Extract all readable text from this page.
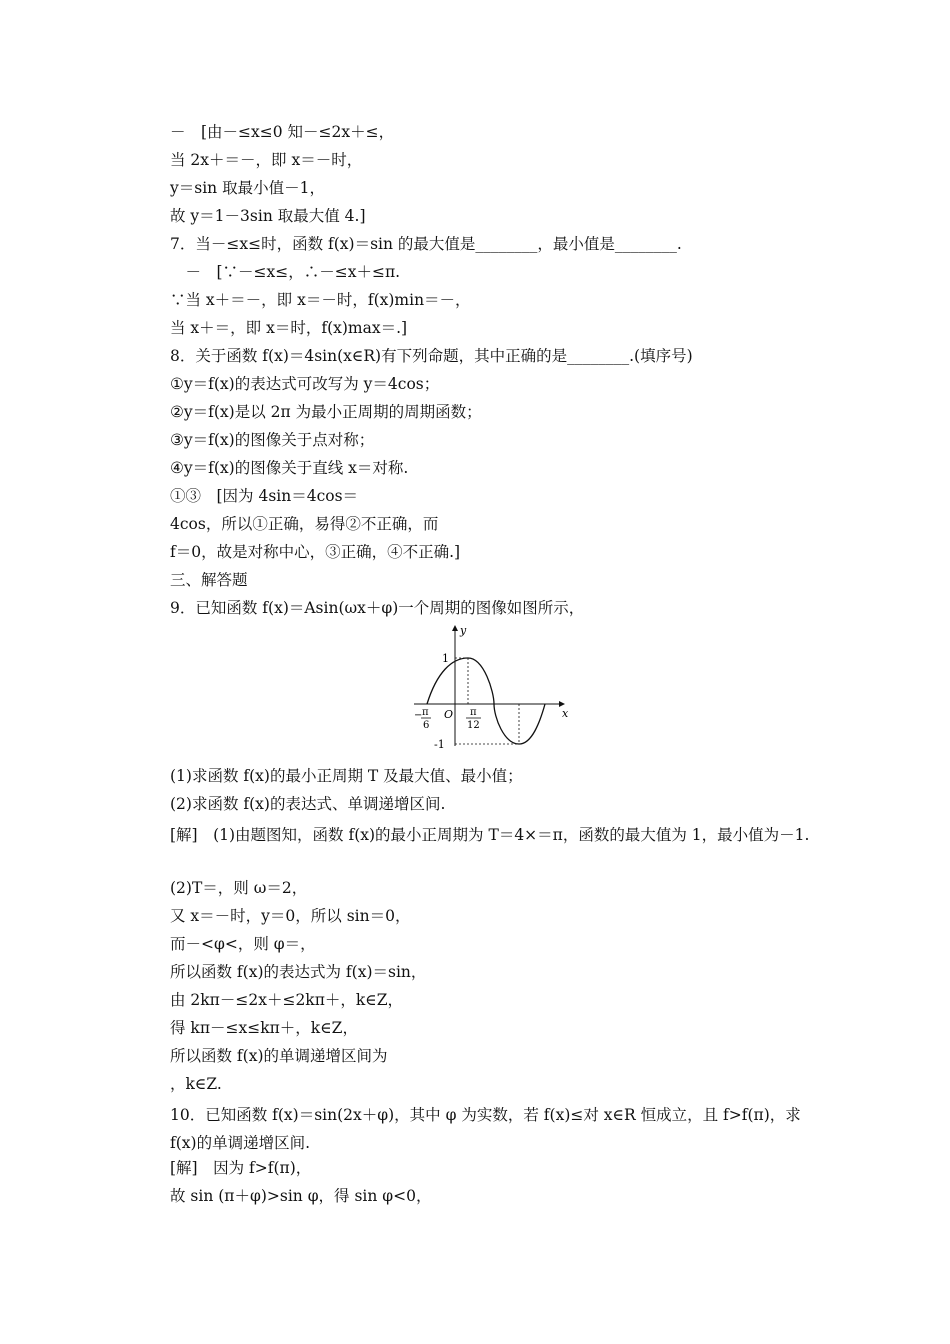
－　[由－≤x≤0 知－≤2x＋≤，
当 2x＋＝－，即 x＝－时，
y＝sin 取最小值－1，
故 y＝1－3sin 取最大值 4.]
7．当－≤x≤时，函数 f(x)＝sin 的最大值是________，最小值是________.
　－　[∵－≤x≤，∴－≤x＋≤π.
∵当 x＋＝－，即 x＝－时，f(x)min＝－，
当 x＋＝，即 x＝时，f(x)max＝.]
8．关于函数 f(x)＝4sin(x∈R)有下列命题，其中正确的是________.(填序号)
①y＝f(x)的表达式可改写为 y＝4cos；
②y＝f(x)是以 2π 为最小正周期的周期函数；
③y＝f(x)的图像关于点对称；
④y＝f(x)的图像关于直线 x＝对称.
①③　[因为 4sin＝4cos＝
4cos，所以①正确，易得②不正确，而
f＝0，故是对称中心，③正确，④不正确.]
三、解答题
9．已知函数 f(x)＝Asin(ωx＋φ)一个周期的图像如图所示，
y
x
O
1
-1
− π
6
π
12
(1)求函数 f(x)的最小正周期 T 及最大值、最小值；
(2)求函数 f(x)的表达式、单调递增区间.
[解]　(1)由题图知，函数 f(x)的最小正周期为 T＝4×＝π，函数的最大值为 1，最小值为－1.
(2)T＝，则 ω＝2，
又 x＝－时，y＝0，所以 sin＝0，
而－<φ<，则 φ＝，
所以函数 f(x)的表达式为 f(x)＝sin，
由 2kπ－≤2x＋≤2kπ＋，k∈Z，
得 kπ－≤x≤kπ＋，k∈Z，
所以函数 f(x)的单调递增区间为
，k∈Z.
10．已知函数 f(x)＝sin(2x＋φ)，其中 φ 为实数，若 f(x)≤对 x∈R 恒成立，且 f>f(π)，求 f(x)的单调递增区间.
[解]　因为 f>f(π)，
故 sin (π＋φ)>sin φ，得 sin φ<0，
